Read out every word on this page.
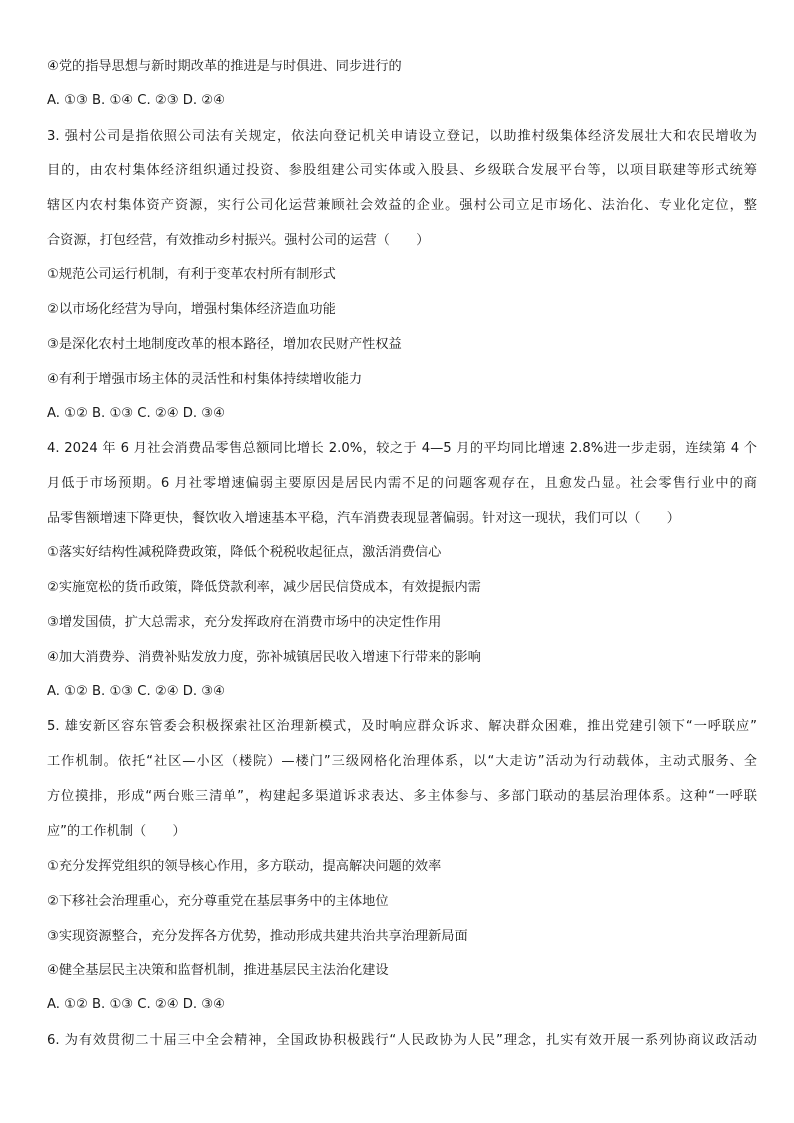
④党的指导思想与新时期改革的推进是与时俱进、同步进行的
A. ①③ B. ①④ C. ②③ D. ②④
3. 强村公司是指依照公司法有关规定，依法向登记机关申请设立登记，以助推村级集体经济发展壮大和农民增收为
目的，由农村集体经济组织通过投资、参股组建公司实体或入股县、乡级联合发展平台等，以项目联建等形式统筹
辖区内农村集体资产资源，实行公司化运营兼顾社会效益的企业。强村公司立足市场化、法治化、专业化定位，整
合资源，打包经营，有效推动乡村振兴。强村公司的运营（　　）
①规范公司运行机制，有利于变革农村所有制形式
②以市场化经营为导向，增强村集体经济造血功能
③是深化农村土地制度改革的根本路径，增加农民财产性权益
④有利于增强市场主体的灵活性和村集体持续增收能力
A. ①② B. ①③ C. ②④ D. ③④
4. 2024 年 6 月社会消费品零售总额同比增长 2.0%，较之于 4—5 月的平均同比增速 2.8%进一步走弱，连续第 4 个
月低于市场预期。6 月社零增速偏弱主要原因是居民内需不足的问题客观存在，且愈发凸显。社会零售行业中的商
品零售额增速下降更快，餐饮收入增速基本平稳，汽车消费表现显著偏弱。针对这一现状，我们可以（　　）
①落实好结构性减税降费政策，降低个税税收起征点，激活消费信心
②实施宽松的货币政策，降低贷款利率，减少居民信贷成本，有效提振内需
③增发国债，扩大总需求，充分发挥政府在消费市场中的决定性作用
④加大消费券、消费补贴发放力度，弥补城镇居民收入增速下行带来的影响
A. ①② B. ①③ C. ②④ D. ③④
5. 雄安新区容东管委会积极探索社区治理新模式，及时响应群众诉求、解决群众困难，推出党建引领下“一呼联应”
工作机制。依托“社区—小区（楼院）—楼门”三级网格化治理体系，以“大走访”活动为行动载体，主动式服务、全
方位摸排，形成“两台账三清单”，构建起多渠道诉求表达、多主体参与、多部门联动的基层治理体系。这种“一呼联
应”的工作机制（　　）
①充分发挥党组织的领导核心作用，多方联动，提高解决问题的效率
②下移社会治理重心，充分尊重党在基层事务中的主体地位
③实现资源整合，充分发挥各方优势，推动形成共建共治共享治理新局面
④健全基层民主决策和监督机制，推进基层民主法治化建设
A. ①② B. ①③ C. ②④ D. ③④
6. 为有效贯彻二十届三中全会精神，全国政协积极践行“人民政协为人民”理念，扎实有效开展一系列协商议政活动
